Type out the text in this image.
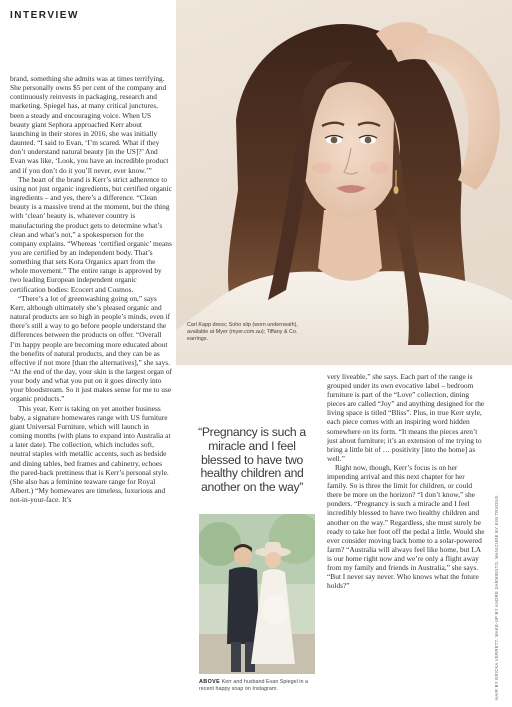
INTERVIEW

brand, something she admits was at times terrifying. She personally owns $5 per cent of the company and continuously reinvests in packaging, research and marketing. Spiegel has, at many critical junctures, been a steady and encouraging voice. When US beauty giant Sephora approached Kerr about launching in their stores in 2016, she was initially daunted. “I said to Evan, ‘I’m scared. What if they don’t understand natural beauty [in the US]?’ And Evan was like, ‘Look, you have an incredible product and if you don’t do it you’ll never, ever know.’”

The heart of the brand is Kerr’s strict adherence to using not just organic ingredients, but certified organic ingredients – and yes, there’s a difference. “Clean beauty is a massive trend at the moment, but the thing with ‘clean’ beauty is, whatever country is manufacturing the product gets to determine what’s clean and what’s not,” a spokesperson for the company explains. “Whereas ‘certified organic’ means you are certified by an independent body. That’s something that sets Kora Organics apart from the whole movement.” The entire range is approved by two leading European independent organic certification bodies: Ecocert and Cosmos.

“There’s a lot of greenwashing going on,” says Kerr, although ultimately she’s pleased organic and natural products are so high in people’s minds, even if there’s still a way to go before people understand the differences between the products on offer. “Overall I’m happy people are becoming more educated about the benefits of natural products, and they can be as effective if not more [than the alternatives],” she says. “At the end of the day, your skin is the largest organ of your body and what you put on it goes directly into your bloodstream. So it just makes sense for me to use organic products.”

This year, Kerr is taking on yet another business baby, a signature homewares range with US furniture giant Universal Furniture, which will launch in coming months (with plans to expand into Australia at a later date). The collection, which includes soft, neutral staples with metallic accents, such as bedside and dining tables, bed frames and cabinetry, echoes the pared-back prettiness that is Kerr’s personal style. (She also has a feminine teaware range for Royal Albert.) “My homewares are timeless, luxurious and not-in-your-face. It’s

Carl Kapp dress; Soho slip (worn underneath), available at Myer (myer.com.au); Tiffany & Co. earrings.
“Pregnancy is such a miracle and I feel blessed to have two healthy children and another on the way”
ABOVE Kerr and husband Evan Spiegel in a recent happy snap on Instagram.

very liveable,” she says. Each part of the range is grouped under its own evocative label – bedroom furniture is part of the “Love” collection, dining pieces are called “Joy” and anything designed for the living space is titled “Bliss”. Plus, in true Kerr style, each piece comes with an inspiring word hidden somewhere on its form. “It means the pieces aren’t just about furniture; it’s an extension of me trying to bring a little bit of … positivity [into the home] as well.”

Right now, though, Kerr’s focus is on her impending arrival and this next chapter for her family. So is three the limit for children, or could there be more on the horizon? “I don’t know,” she ponders. “Pregnancy is such a miracle and I feel incredibly blessed to have two healthy children and another on the way.” Regardless, she must surely be ready to take her foot off the pedal a little. Would she ever consider moving back home to a solar-powered farm? “Australia will always feel like home, but LA is our home right now and we’re only a flight away from my family and friends in Australia,” she says. “But I never say never. Who knows what the future holds?”	HAIR BY ERICKA VERRETT. MAKE-UP BY ANDRE SARMIENTO. MANICURE BY KIM TRUONG.
